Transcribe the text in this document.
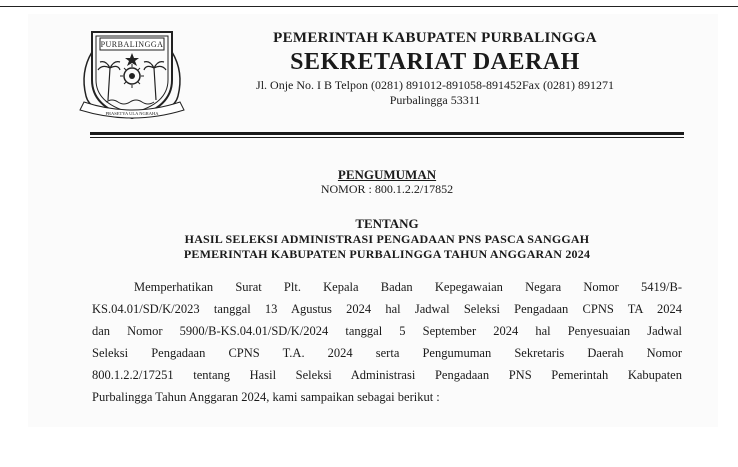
PURBALINGGA
PRASETYA ULA NGRAHA
PEMERINTAH KABUPATEN PURBALINGGA
SEKRETARIAT DAERAH
Jl. Onje No. I B Telpon (0281) 891012-891058-891452Fax (0281) 891271
Purbalingga 53311
PENGUMUMAN
NOMOR : 800.1.2.2/17852
TENTANG
HASIL SELEKSI ADMINISTRASI PENGADAAN PNS PASCA SANGGAH
PEMERINTAH KABUPATEN PURBALINGGA TAHUN ANGGARAN 2024
Memperhatikan Surat Plt. Kepala Badan Kepegawaian Negara Nomor 5419/B-
KS.04.01/SD/K/2023 tanggal 13 Agustus 2024 hal Jadwal Seleksi Pengadaan CPNS TA 2024
dan Nomor 5900/B-KS.04.01/SD/K/2024 tanggal 5 September 2024 hal Penyesuaian Jadwal
Seleksi Pengadaan CPNS T.A. 2024 serta Pengumuman Sekretaris Daerah Nomor
800.1.2.2/17251 tentang Hasil Seleksi Administrasi Pengadaan PNS Pemerintah Kabupaten
Purbalingga Tahun Anggaran 2024, kami sampaikan sebagai berikut :
